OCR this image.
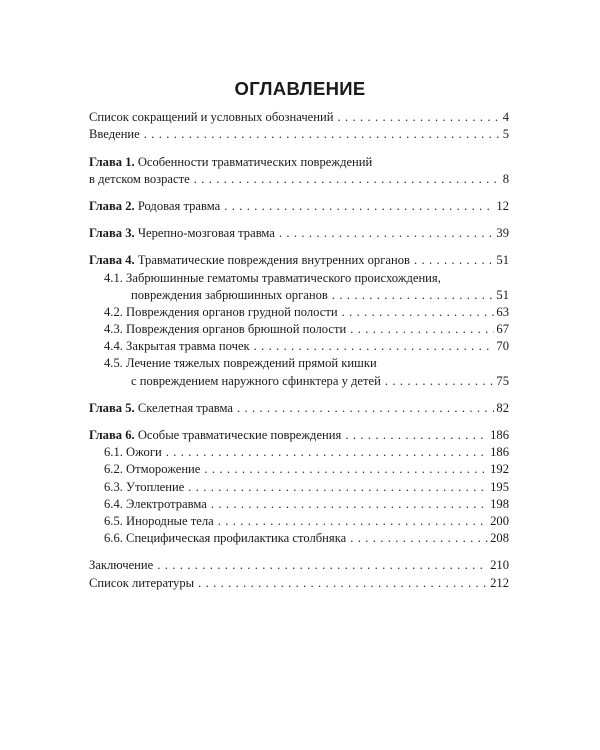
ОГЛАВЛЕНИЕ
Список сокращений и условных обозначений . . .	4
Введение . . .	5
Глава 1.
Особенности травматических повреждений
в детском возрасте . . .	8
Глава 2. Родовая травма . . .	12
Глава 3. Черепно-мозговая травма . . .	39
Глава 4. Травматические повреждения внутренних органов . . .	51
4.1.
Забрюшинные гематомы травматического происхождения,
повреждения забрюшинных органов . . .	51
4.2. Повреждения органов грудной полости . . .	63
4.3. Повреждения органов брюшной полости . . .	67
4.4. Закрытая травма почек . . .	70
4.5.
Лечение тяжелых повреждений прямой кишки
с повреждением наружного сфинктера у детей . . .	75
Глава 5. Скелетная травма . . .	82
Глава 6. Особые травматические повреждения . . .	186
6.1. Ожоги . . .	186
6.2. Отморожение . . .	192
6.3. Утопление . . .	195
6.4. Электротравма . . .	198
6.5. Инородные тела . . .	200
6.6. Специфическая профилактика столбняка . . .	208
Заключение . . .	210
Список литературы . . .	212
